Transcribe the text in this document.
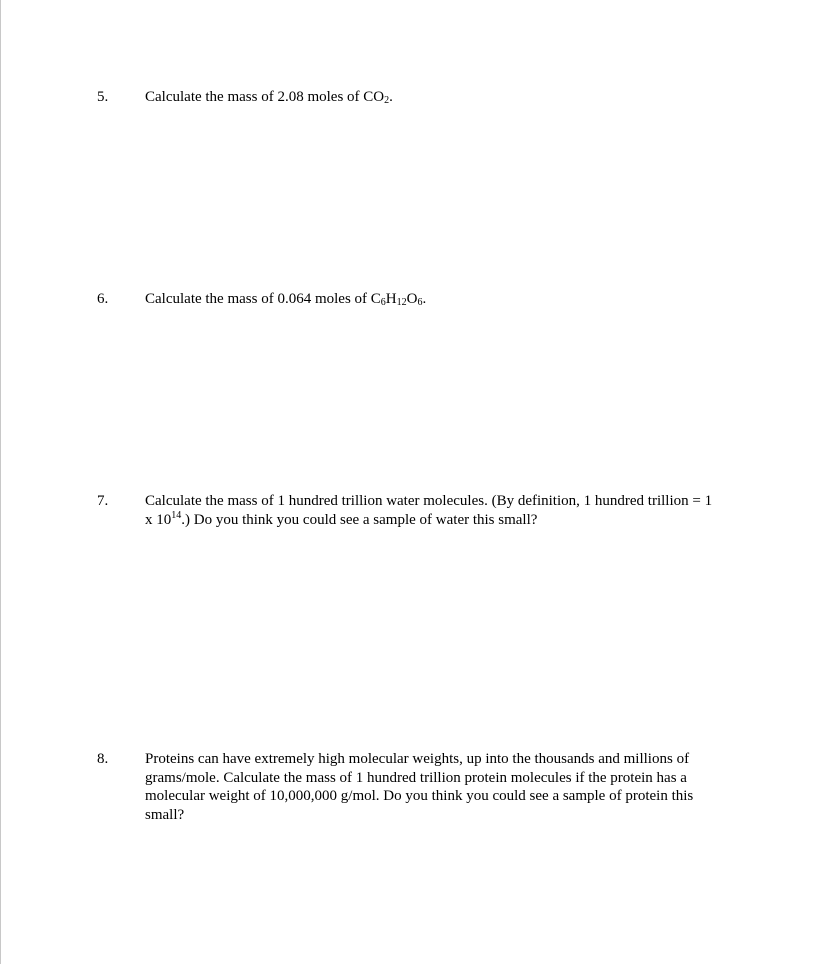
5. Calculate the mass of 2.08 moles of $CO_2$.
6. Calculate the mass of 0.064 moles of $C_6H_{12}O_6$.
7. Calculate the mass of 1 hundred trillion water molecules. (By definition, 1 hundred trillion = 1 x $10^{14}$.) Do you think you could see a sample of water this small?
8. Proteins can have extremely high molecular weights, up into the thousands and millions of grams/mole. Calculate the mass of 1 hundred trillion protein molecules if the protein has a molecular weight of 10,000,000 g/mol. Do you think you could see a sample of protein this small?
